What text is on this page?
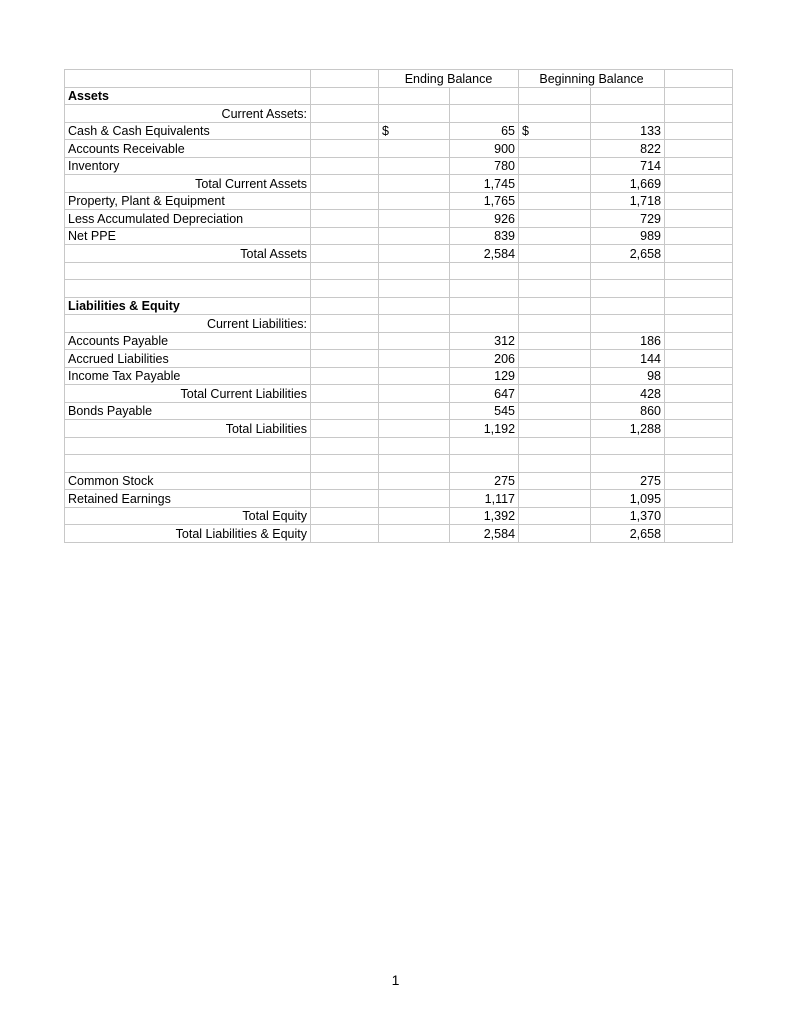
		Ending Balance		Beginning Balance		
Assets						
Current Assets:						
Cash & Cash Equivalents		$	65	$	133	
Accounts Receivable			900		822	
Inventory			780		714	
Total Current Assets			1,745		1,669	
Property, Plant & Equipment			1,765		1,718	
Less Accumulated Depreciation			926		729	
Net PPE			839		989	
Total Assets			2,584		2,658	

Liabilities & Equity						
Current Liabilities:						
Accounts Payable			312		186	
Accrued Liabilities			206		144	
Income Tax Payable			129		98	
Total Current Liabilities			647		428	
Bonds Payable			545		860	
Total Liabilities			1,192		1,288	

Common Stock			275		275	
Retained Earnings			1,117		1,095	
Total Equity			1,392		1,370	
Total Liabilities & Equity			2,584		2,658	
1
